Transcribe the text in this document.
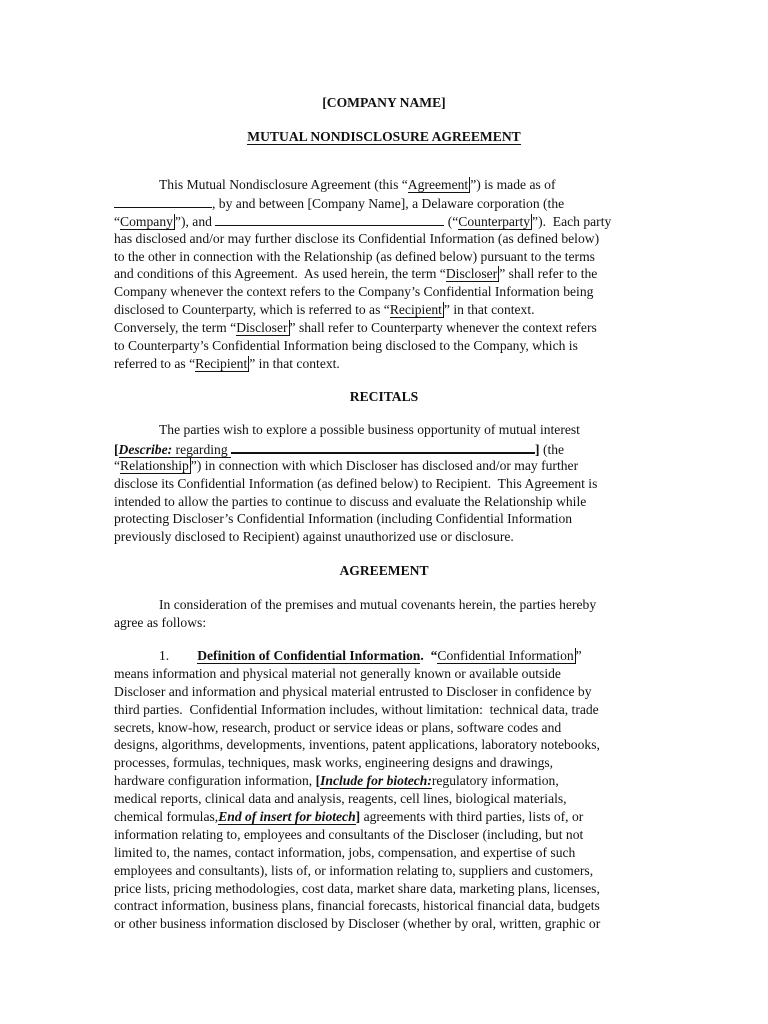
[COMPANY NAME]
MUTUAL NONDISCLOSURE AGREEMENT
This Mutual Nondisclosure Agreement (this “Agreement ”) is made as of
, by and between [Company Name], a Delaware corporation (the
“Company ”), and	(“Counterparty ”).  Each party
has disclosed and/or may further disclose its Confidential Information (as defined below)
to the other in connection with the Relationship (as defined below) pursuant to the terms
and conditions of this Agreement.  As used herein, the term “Discloser ” shall refer to the
Company whenever the context refers to the Company’s Confidential Information being
disclosed to Counterparty, which is referred to as “Recipient ” in that context.
Conversely, the term “Discloser ” shall refer to Counterparty whenever the context refers
to Counterparty’s Confidential Information being disclosed to the Company, which is
referred to as “Recipient ” in that context.
RECITALS
The parties wish to explore a possible business opportunity of mutual interest
[Describe: regarding	] (the
“Relationship ”) in connection with which Discloser has disclosed and/or may further
disclose its Confidential Information (as defined below) to Recipient.  This Agreement is
intended to allow the parties to continue to discuss and evaluate the Relationship while
protecting Discloser’s Confidential Information (including Confidential Information
previously disclosed to Recipient) against unauthorized use or disclosure.
AGREEMENT
In consideration of the premises and mutual covenants herein, the parties hereby
agree as follows:
1. Definition of Confidential Information.  “Confidential Information ”
means information and physical material not generally known or available outside
Discloser and information and physical material entrusted to Discloser in confidence by
third parties.  Confidential Information includes, without limitation:  technical data, trade
secrets, know-how, research, product or service ideas or plans, software codes and
designs, algorithms, developments, inventions, patent applications, laboratory notebooks,
processes, formulas, techniques, mask works, engineering designs and drawings,
hardware configuration information, [Include for biotech:regulatory information,
medical reports, clinical data and analysis, reagents, cell lines, biological materials,
chemical formulas,End of insert for biotech] agreements with third parties, lists of, or
information relating to, employees and consultants of the Discloser (including, but not
limited to, the names, contact information, jobs, compensation, and expertise of such
employees and consultants), lists of, or information relating to, suppliers and customers,
price lists, pricing methodologies, cost data, market share data, marketing plans, licenses,
contract information, business plans, financial forecasts, historical financial data, budgets
or other business information disclosed by Discloser (whether by oral, written, graphic or
